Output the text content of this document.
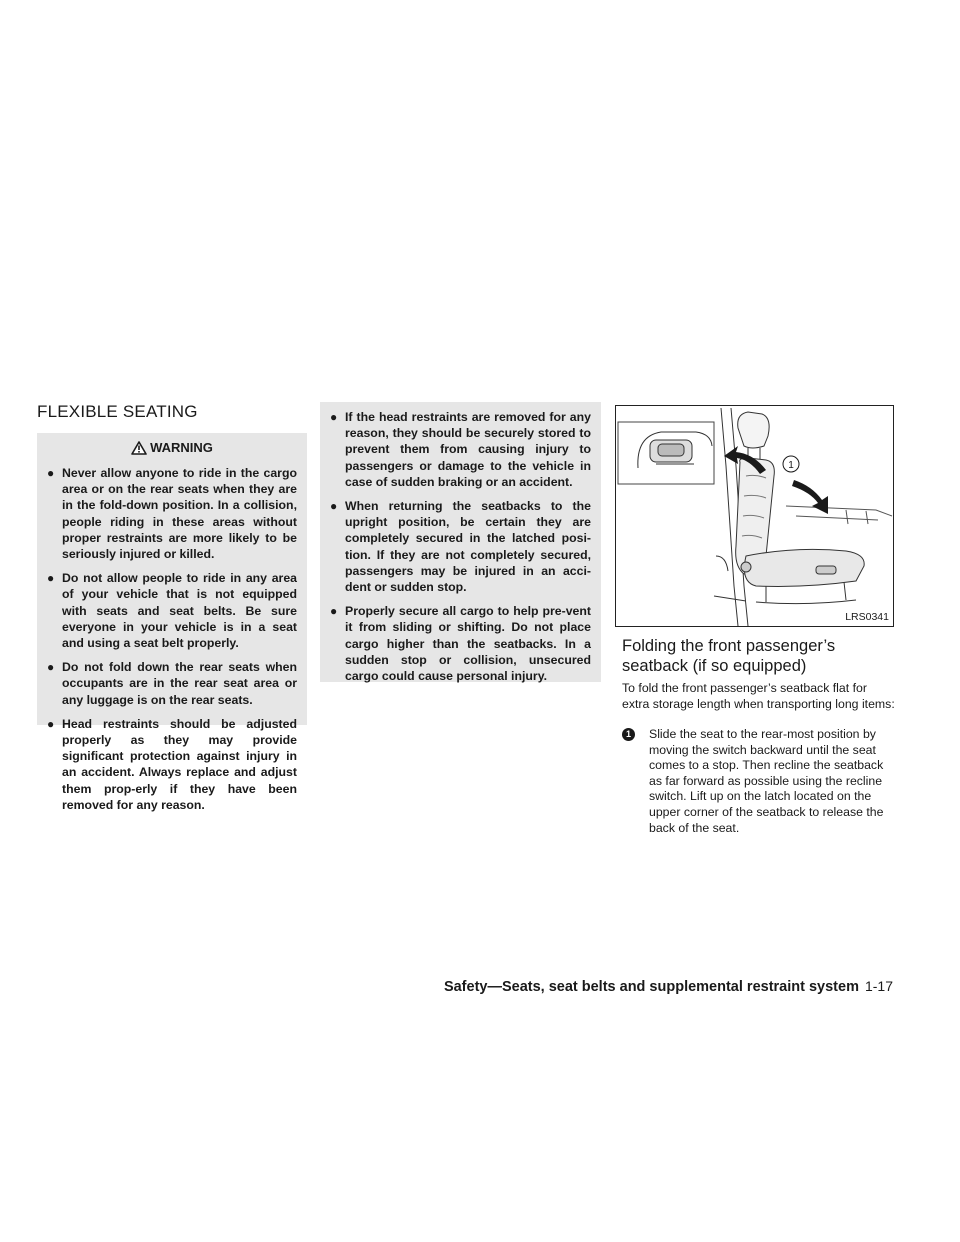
FLEXIBLE SEATING
WARNING
● Never allow anyone to ride in the cargo area or on the rear seats when they are in the fold-down position. In a collision, people riding in these areas without proper restraints are more likely to be seriously injured or killed.
● Do not allow people to ride in any area of your vehicle that is not equipped with seats and seat belts. Be sure everyone in your vehicle is in a seat and using a seat belt properly.
● Do not fold down the rear seats when occupants are in the rear seat area or any luggage is on the rear seats.
● Head restraints should be adjusted properly as they may provide significant protection against injury in an accident. Always replace and adjust them prop-erly if they have been removed for any reason.
● If the head restraints are removed for any reason, they should be securely stored to prevent them from causing injury to passengers or damage to the vehicle in case of sudden braking or an accident.
● When returning the seatbacks to the upright position, be certain they are completely secured in the latched posi-tion. If they are not completely secured, passengers may be injured in an acci-dent or sudden stop.
● Properly secure all cargo to help pre-vent it from sliding or shifting. Do not place cargo higher than the seatbacks. In a sudden stop or collision, unsecured cargo could cause personal injury.
1
LRS0341
Folding the front passenger’s seatback (if so equipped)

To fold the front passenger’s seatback flat for extra storage length when transporting long items:

1	Slide the seat to the rear-most position by moving the switch backward until the seat comes to a stop. Then recline the seatback as far forward as possible using the recline switch. Lift up on the latch located on the upper corner of the seatback to release the back of the seat.
Safety—Seats, seat belts and supplemental restraint system 1-17
